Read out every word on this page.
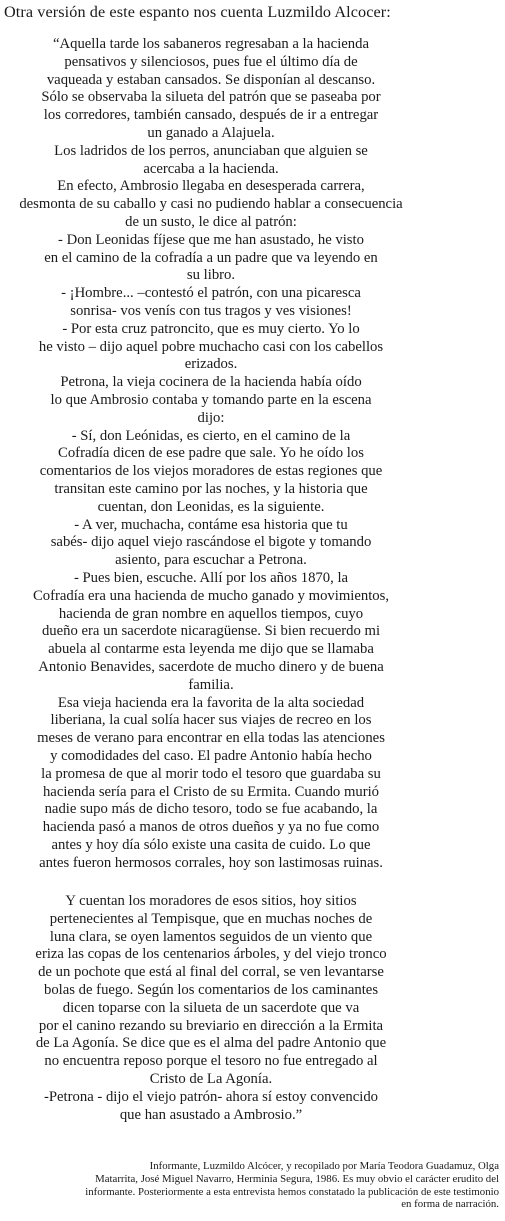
Otra versión de este espanto nos cuenta Luzmildo Alcocer:
“Aquella tarde los sabaneros regresaban a la hacienda
pensativos y silenciosos, pues fue el último día de
vaqueada y estaban cansados. Se disponían al descanso.
Sólo se observaba la silueta del patrón que se paseaba por
los corredores, también cansado, después de ir a entregar
un ganado a Alajuela.
Los ladridos de los perros, anunciaban que alguien se
acercaba a la hacienda.
En efecto, Ambrosio llegaba en desesperada carrera,
desmonta de su caballo y casi no pudiendo hablar a consecuencia
de un susto, le dice al patrón:
- Don Leonidas fíjese que me han asustado, he visto
en el camino de la cofradía a un padre que va leyendo en
su libro.
- ¡Hombre... –contestó el patrón, con una picaresca
sonrisa- vos venís con tus tragos y ves visiones!
- Por esta cruz patroncito, que es muy cierto. Yo lo
he visto – dijo aquel pobre muchacho casi con los cabellos
erizados.
Petrona, la vieja cocinera de la hacienda había oído
lo que Ambrosio contaba y tomando parte en la escena
dijo:
- Sí, don Leónidas, es cierto, en el camino de la
Cofradía dicen de ese padre que sale. Yo he oído los
comentarios de los viejos moradores de estas regiones que
transitan este camino por las noches, y la historia que
cuentan, don Leonidas, es la siguiente.
- A ver, muchacha, contáme esa historia que tu
sabés- dijo aquel viejo rascándose el bigote y tomando
asiento, para escuchar a Petrona.
- Pues bien, escuche. Allí por los años 1870, la
Cofradía era una hacienda de mucho ganado y movimientos,
hacienda de gran nombre en aquellos tiempos, cuyo
dueño era un sacerdote nicaragüense. Si bien recuerdo mi
abuela al contarme esta leyenda me dijo que se llamaba
Antonio Benavides, sacerdote de mucho dinero y de buena
familia.
Esa vieja hacienda era la favorita de la alta sociedad
liberiana, la cual solía hacer sus viajes de recreo en los
meses de verano para encontrar en ella todas las atenciones
y comodidades del caso. El padre Antonio había hecho
la promesa de que al morir todo el tesoro que guardaba su
hacienda sería para el Cristo de su Ermita. Cuando murió
nadie supo más de dicho tesoro, todo se fue acabando, la
hacienda pasó a manos de otros dueños y ya no fue como
antes y hoy día sólo existe una casita de cuido. Lo que
antes fueron hermosos corrales, hoy son lastimosas ruinas.
Y cuentan los moradores de esos sitios, hoy sitios
pertenecientes al Tempisque, que en muchas noches de
luna clara, se oyen lamentos seguidos de un viento que
eriza las copas de los centenarios árboles, y del viejo tronco
de un pochote que está al final del corral, se ven levantarse
bolas de fuego. Según los comentarios de los caminantes
dicen toparse con la silueta de un sacerdote que va
por el canino rezando su breviario en dirección a la Ermita
de La Agonía. Se dice que es el alma del padre Antonio que
no encuentra reposo porque el tesoro no fue entregado al
Cristo de La Agonía.
-Petrona - dijo el viejo patrón- ahora sí estoy convencido
que han asustado a Ambrosio.”
Informante, Luzmildo Alcócer, y recopilado por María Teodora Guadamuz, Olga
Matarrita, José Miguel Navarro, Herminia Segura, 1986. Es muy obvio el carácter erudito del
informante. Posteriormente a esta entrevista hemos constatado la publicación de este testimonio
en forma de narración.
